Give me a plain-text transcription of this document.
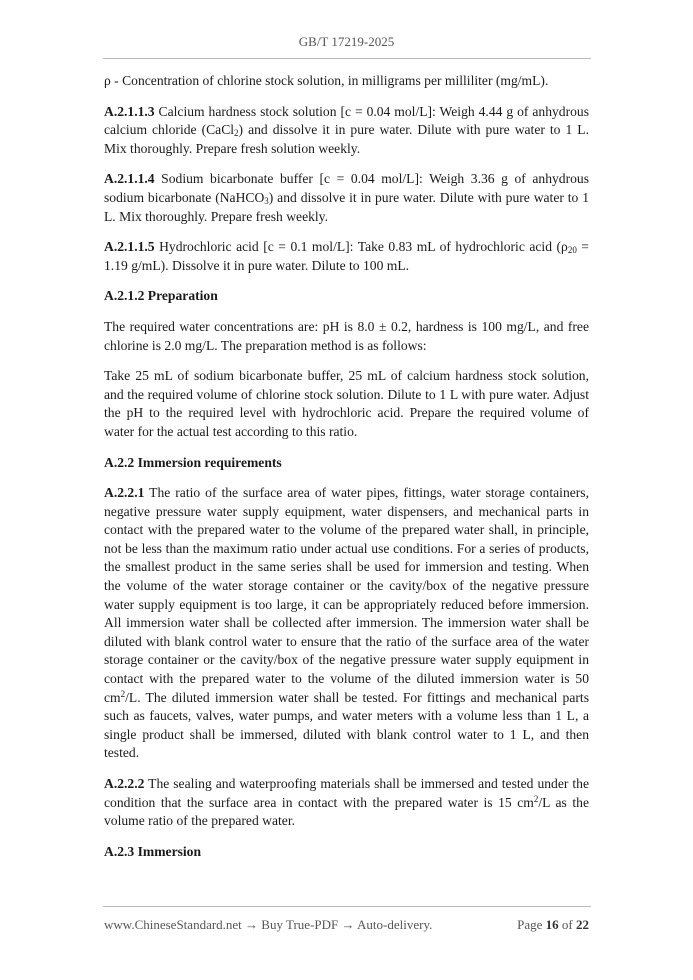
GB/T 17219-2025

ρ - Concentration of chlorine stock solution, in milligrams per milliliter (mg/mL).

A.2.1.1.3 Calcium hardness stock solution [c = 0.04 mol/L]: Weigh 4.44 g of anhydrous calcium chloride (CaCl$_2$) and dissolve it in pure water. Dilute with pure water to 1 L. Mix thoroughly. Prepare fresh solution weekly.

A.2.1.1.4 Sodium bicarbonate buffer [c = 0.04 mol/L]: Weigh 3.36 g of anhydrous sodium bicarbonate (NaHCO$_3$) and dissolve it in pure water. Dilute with pure water to 1 L. Mix thoroughly. Prepare fresh weekly.

A.2.1.1.5 Hydrochloric acid [c = 0.1 mol/L]: Take 0.83 mL of hydrochloric acid ($\rho_{20} = 1.19$ g/mL). Dissolve it in pure water. Dilute to 100 mL.

A.2.1.2 Preparation

The required water concentrations are: pH is 8.0 ± 0.2, hardness is 100 mg/L, and free chlorine is 2.0 mg/L. The preparation method is as follows:

Take 25 mL of sodium bicarbonate buffer, 25 mL of calcium hardness stock solution, and the required volume of chlorine stock solution. Dilute to 1 L with pure water. Adjust the pH to the required level with hydrochloric acid. Prepare the required volume of water for the actual test according to this ratio.

A.2.2 Immersion requirements

A.2.2.1 The ratio of the surface area of water pipes, fittings, water storage containers, negative pressure water supply equipment, water dispensers, and mechanical parts in contact with the prepared water to the volume of the prepared water shall, in principle, not be less than the maximum ratio under actual use conditions. For a series of products, the smallest product in the same series shall be used for immersion and testing. When the volume of the water storage container or the cavity/box of the negative pressure water supply equipment is too large, it can be appropriately reduced before immersion. All immersion water shall be collected after immersion. The immersion water shall be diluted with blank control water to ensure that the ratio of the surface area of the water storage container or the cavity/box of the negative pressure water supply equipment in contact with the prepared water to the volume of the diluted immersion water is 50 $cm^2/L$. The diluted immersion water shall be tested. For fittings and mechanical parts such as faucets, valves, water pumps, and water meters with a volume less than 1 L, a single product shall be immersed, diluted with blank control water to 1 L, and then tested.

A.2.2.2 The sealing and waterproofing materials shall be immersed and tested under the condition that the surface area in contact with the prepared water is 15 $cm^2/L$ as the volume ratio of the prepared water.

A.2.3 Immersion

www.ChineseStandard.net → Buy True-PDF → Auto-delivery.	Page 16 of 22
